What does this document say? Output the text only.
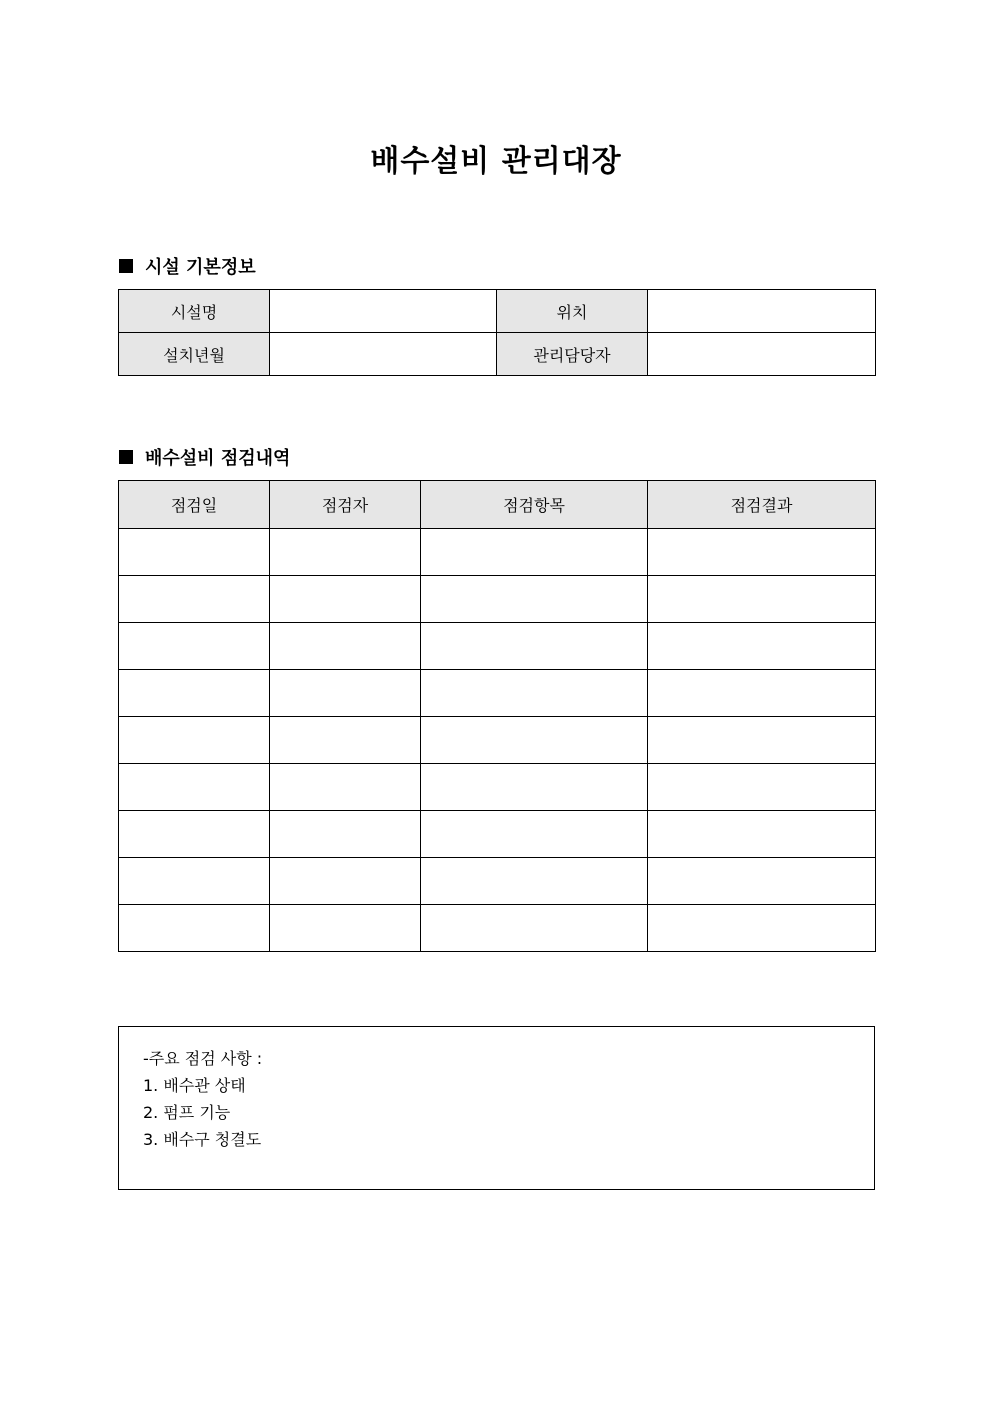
배수설비 관리대장
시설 기본정보
시설명		위치	
설치년월		관리담당자	
배수설비 점검내역
점검일	점검자	점검항목	점검결과

-주요 점검 사항 :
1. 배수관 상태
2. 펌프 기능
3. 배수구 청결도
